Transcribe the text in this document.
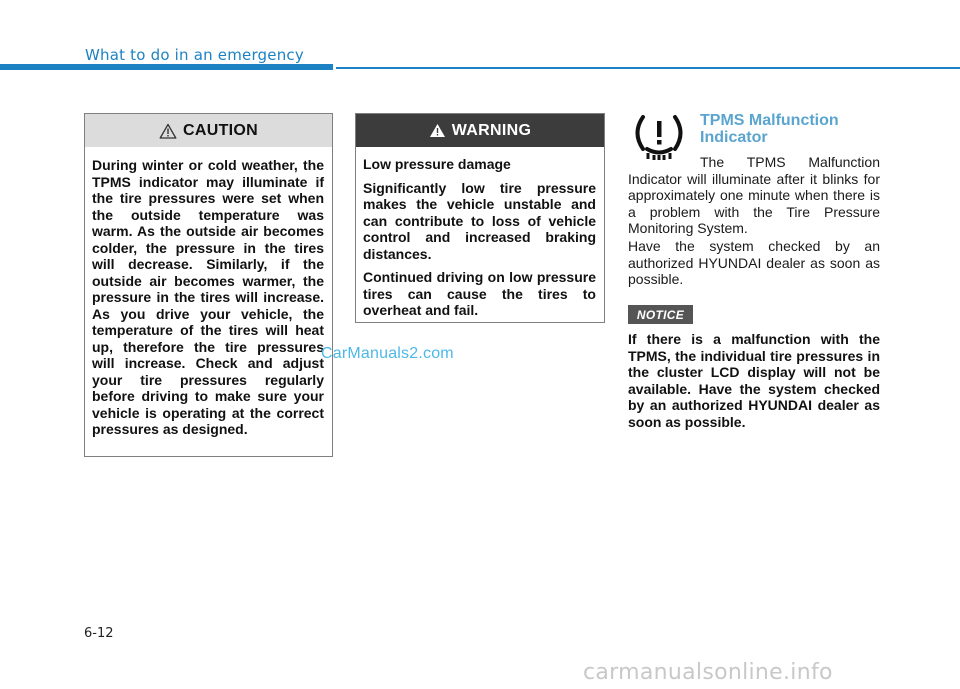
What to do in an emergency
CAUTION

During winter or cold weather, the TPMS indicator may illuminate if the tire pressures were set when the outside temperature was warm. As the outside air becomes colder, the pressure in the tires will decrease. Similarly, if the outside air becomes warmer, the pressure in the tires will increase. As you drive your vehicle, the temperature of the tires will heat up, therefore the tire pressures will increase. Check and adjust your tire pressures regularly before driving to make sure your vehicle is operating at the correct pressures as designed.

WARNING

Low pressure damage

Significantly low tire pressure makes the vehicle unstable and can contribute to loss of vehicle control and increased braking distances.

Continued driving on low pressure tires can cause the tires to overheat and fail.

TPMS Malfunction Indicator

The TPMS Malfunction Indicator will illuminate after it blinks for approximately one minute when there is a problem with the Tire Pressure Monitoring System.

Have the system checked by an authorized HYUNDAI dealer as soon as possible.

NOTICE

If there is a malfunction with the TPMS, the individual tire pressures in the cluster LCD display will not be available. Have the system checked by an authorized HYUNDAI dealer as soon as possible.

CarManuals2.com
6-12
carmanualsonline.info
